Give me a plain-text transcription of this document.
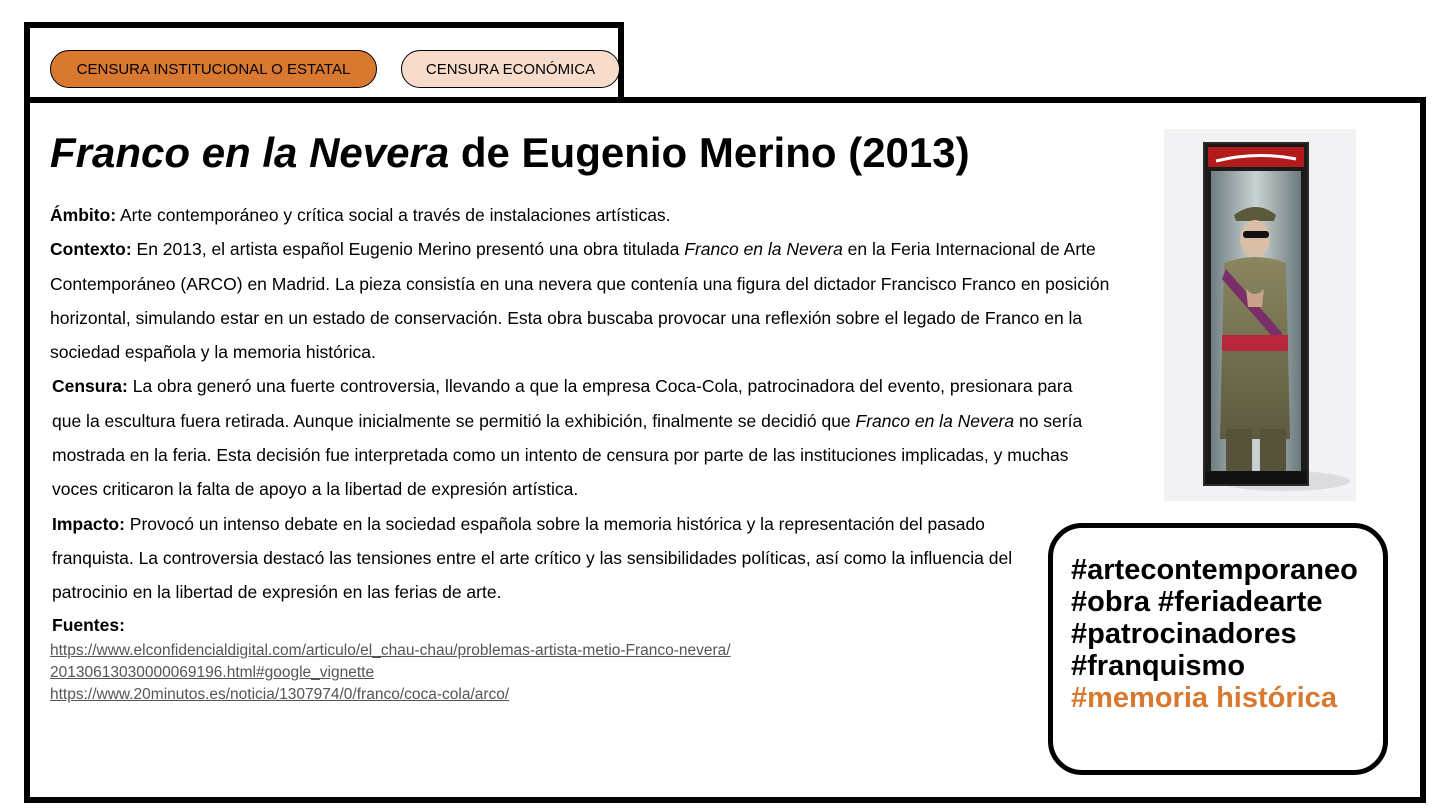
CENSURA INSTITUCIONAL O ESTATAL	CENSURA ECONÓMICA
Franco en la Nevera de Eugenio Merino (2013)

Ámbito: Arte contemporáneo y crítica social a través de instalaciones artísticas.

Contexto: En 2013, el artista español Eugenio Merino presentó una obra titulada Franco en la Nevera en la Feria Internacional de Arte Contemporáneo (ARCO) en Madrid. La pieza consistía en una nevera que contenía una figura del dictador Francisco Franco en posición horizontal, simulando estar en un estado de conservación. Esta obra buscaba provocar una reflexión sobre el legado de Franco en la sociedad española y la memoria histórica.

Censura: La obra generó una fuerte controversia, llevando a que la empresa Coca-Cola, patrocinadora del evento, presionara para que la escultura fuera retirada. Aunque inicialmente se permitió la exhibición, finalmente se decidió que Franco en la Nevera no sería mostrada en la feria. Esta decisión fue interpretada como un intento de censura por parte de las instituciones implicadas, y muchas voces criticaron la falta de apoyo a la libertad de expresión artística.

Impacto: Provocó un intenso debate en la sociedad española sobre la memoria histórica y la representación del pasado franquista. La controversia destacó las tensiones entre el arte crítico y las sensibilidades políticas, así como la influencia del patrocinio en la libertad de expresión en las ferias de arte.

Fuentes:

https://www.elconfidencialdigital.com/articulo/el_chau-chau/problemas-artista-metio-Franco-nevera/
20130613030000069196.html#google_vignette
https://www.20minutos.es/noticia/1307974/0/franco/coca-cola/arco/
#artecontemporaneo
#obra #feriadearte
#patrocinadores
#franquismo
#memoria histórica
